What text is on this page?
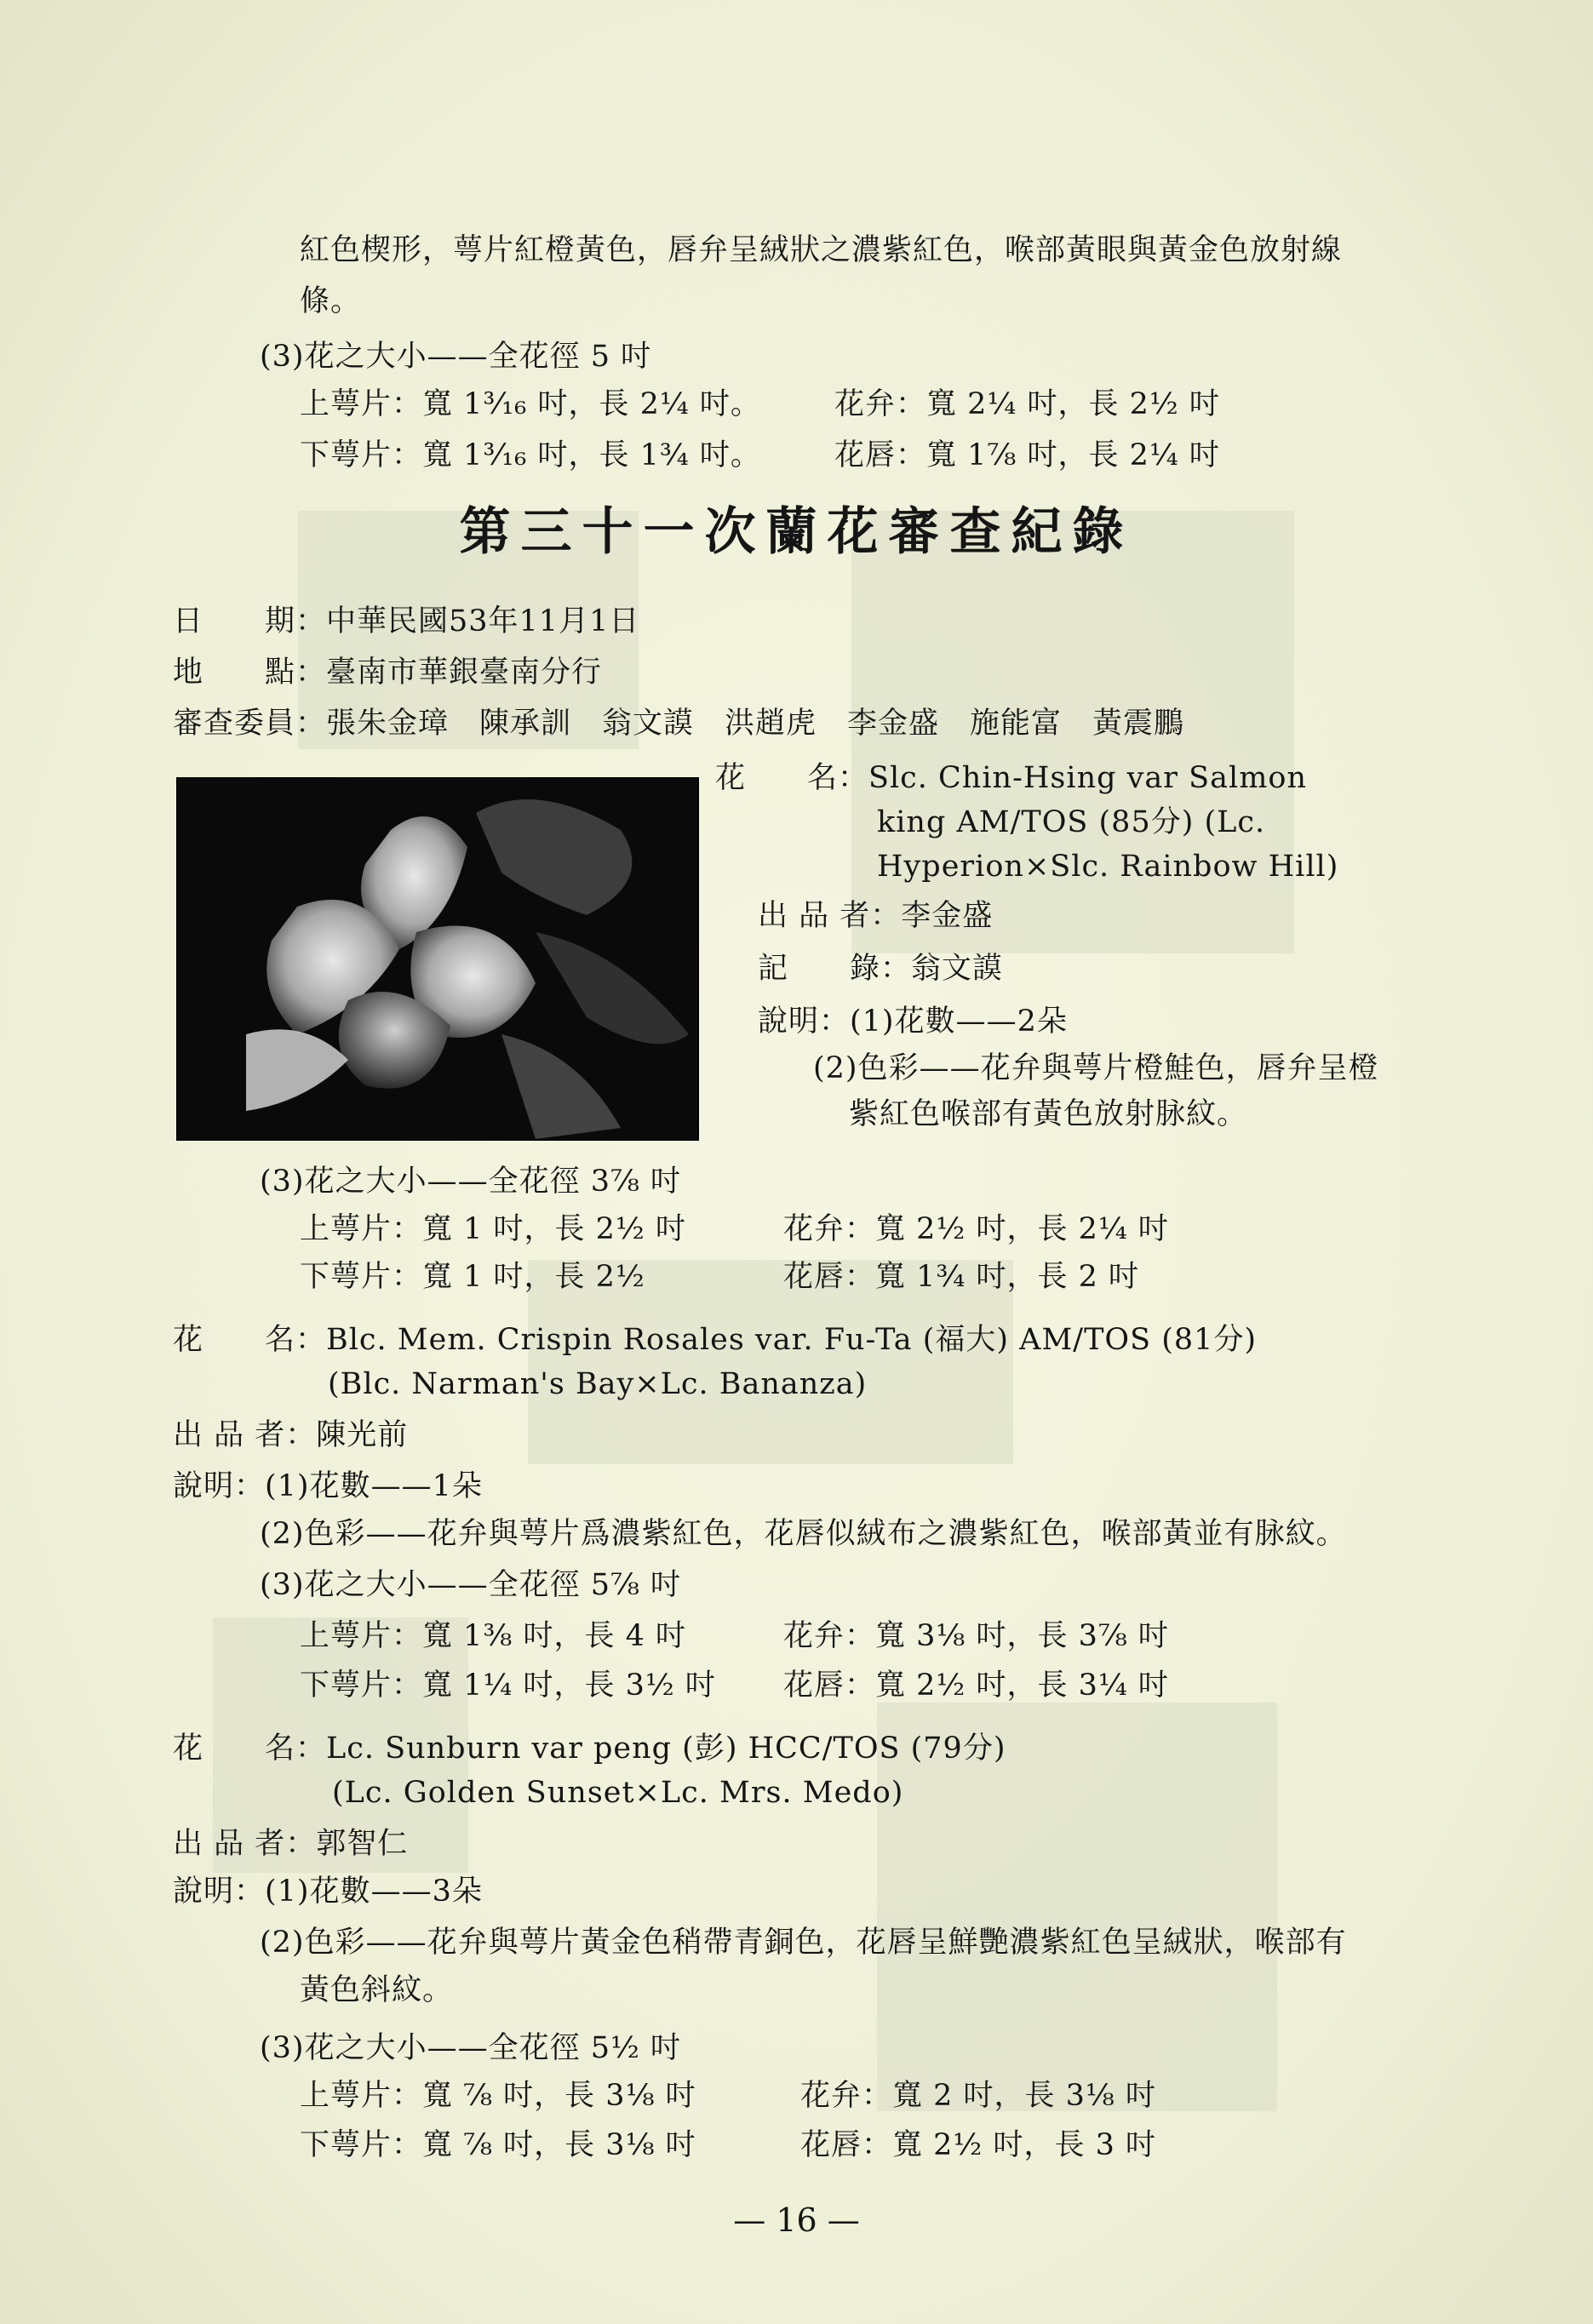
紅色楔形，萼片紅橙黃色，唇弁呈絨狀之濃紫紅色，喉部黃眼與黃金色放射線
條。
(3)花之大小——全花徑 5 吋
上萼片：寬 1³⁄₁₆ 吋，長 2¼ 吋。 花弁：寬 2¼ 吋，長 2½ 吋
下萼片：寬 1³⁄₁₆ 吋，長 1¾ 吋。 花唇：寬 1⅞ 吋，長 2¼ 吋
第三十一次蘭花審查紀錄
日　　期：中華民國53年11月1日
地　　點：臺南市華銀臺南分行
審查委員：張朱金璋　陳承訓　翁文謨　洪趙虎　李金盛　施能富　黃震鵬
花　　名：Slc. Chin-Hsing var Salmon
king AM/TOS (85分) (Lc.
Hyperion×Slc. Rainbow Hill)
出 品 者：李金盛
記　　錄：翁文謨
說明：(1)花數——2朵
(2)色彩——花弁與萼片橙鮭色，唇弁呈橙
紫紅色喉部有黃色放射脉紋。
(3)花之大小——全花徑 3⅞ 吋
上萼片：寬 1 吋，長 2½ 吋	花弁：寬 2½ 吋，長 2¼ 吋
下萼片：寬 1 吋，長 2½	花唇：寬 1¾ 吋，長 2 吋
花　　名：Blc. Mem. Crispin Rosales var. Fu-Ta (福大) AM/TOS (81分)
(Blc. Narman's Bay×Lc. Bananza)
出 品 者：陳光前
說明：(1)花數——1朵
(2)色彩——花弁與萼片爲濃紫紅色，花唇似絨布之濃紫紅色，喉部黃並有脉紋。
(3)花之大小——全花徑 5⅞ 吋
上萼片：寬 1⅜ 吋，長 4 吋	花弁：寬 3⅛ 吋，長 3⅞ 吋
下萼片：寬 1¼ 吋，長 3½ 吋 花唇：寬 2½ 吋，長 3¼ 吋
花　　名：Lc. Sunburn var peng (彭) HCC/TOS (79分)
(Lc. Golden Sunset×Lc. Mrs. Medo)
出 品 者：郭智仁
說明：(1)花數——3朵
(2)色彩——花弁與萼片黃金色稍帶青銅色，花唇呈鮮艷濃紫紅色呈絨狀，喉部有
黃色斜紋。
(3)花之大小——全花徑 5½ 吋
上萼片：寬 ⅞ 吋，長 3⅛ 吋	花弁：寬 2 吋，長 3⅛ 吋
下萼片：寬 ⅞ 吋，長 3⅛ 吋	花唇：寬 2½ 吋，長 3 吋
— 16 —
